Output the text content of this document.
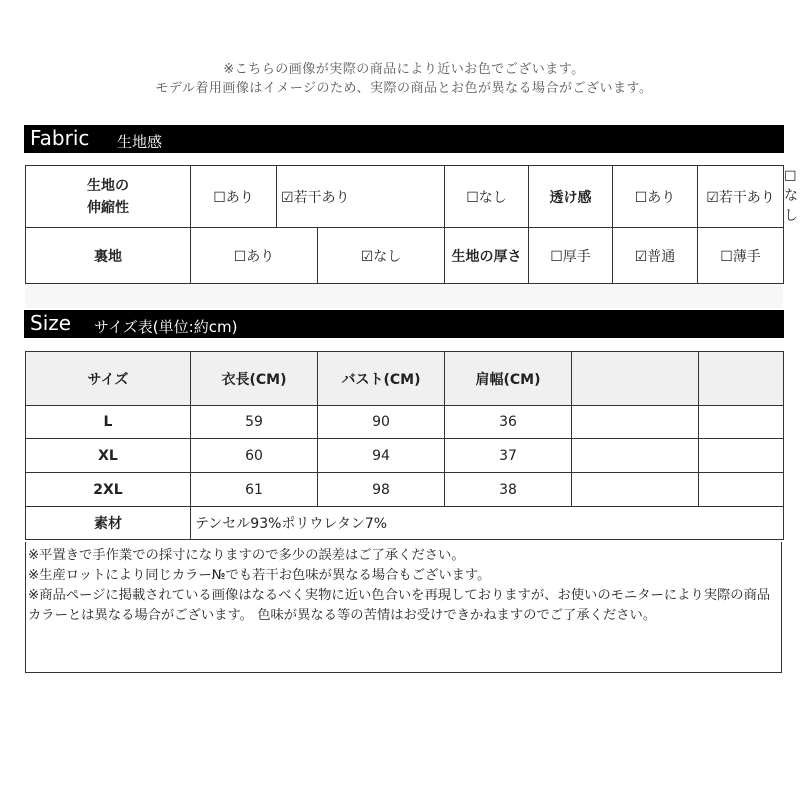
※こちらの画像が実際の商品により近いお色でございます。
モデル着用画像はイメージのため、実際の商品とお色が異なる場合がございます。
Fabric 生地感
生地の
伸縮性	☐あり	☑若干あり	☐なし	透け感	☐あり	☑若干あり	☐なし
裏地	☐あり	☑なし	生地の厚さ	☐厚手	☑普通	☐薄手
Size サイズ表(単位:約cm)
サイズ	衣長(CM)	バスト(CM)	肩幅(CM)		
L	59	90	36		
XL	60	94	37		
2XL	61	98	38		
素材	テンセル93%ポリウレタン7%				
※平置きで手作業での採寸になりますので多少の誤差はご了承ください。
※生産ロットにより同じカラー№でも若干お色味が異なる場合もございます。
※商品ページに掲載されている画像はなるべく実物に近い色合いを再現しておりますが、お使いのモニターにより実際の商品カラーとは異なる場合がございます。 色味が異なる等の苦情はお受けできかねますのでご了承ください。
